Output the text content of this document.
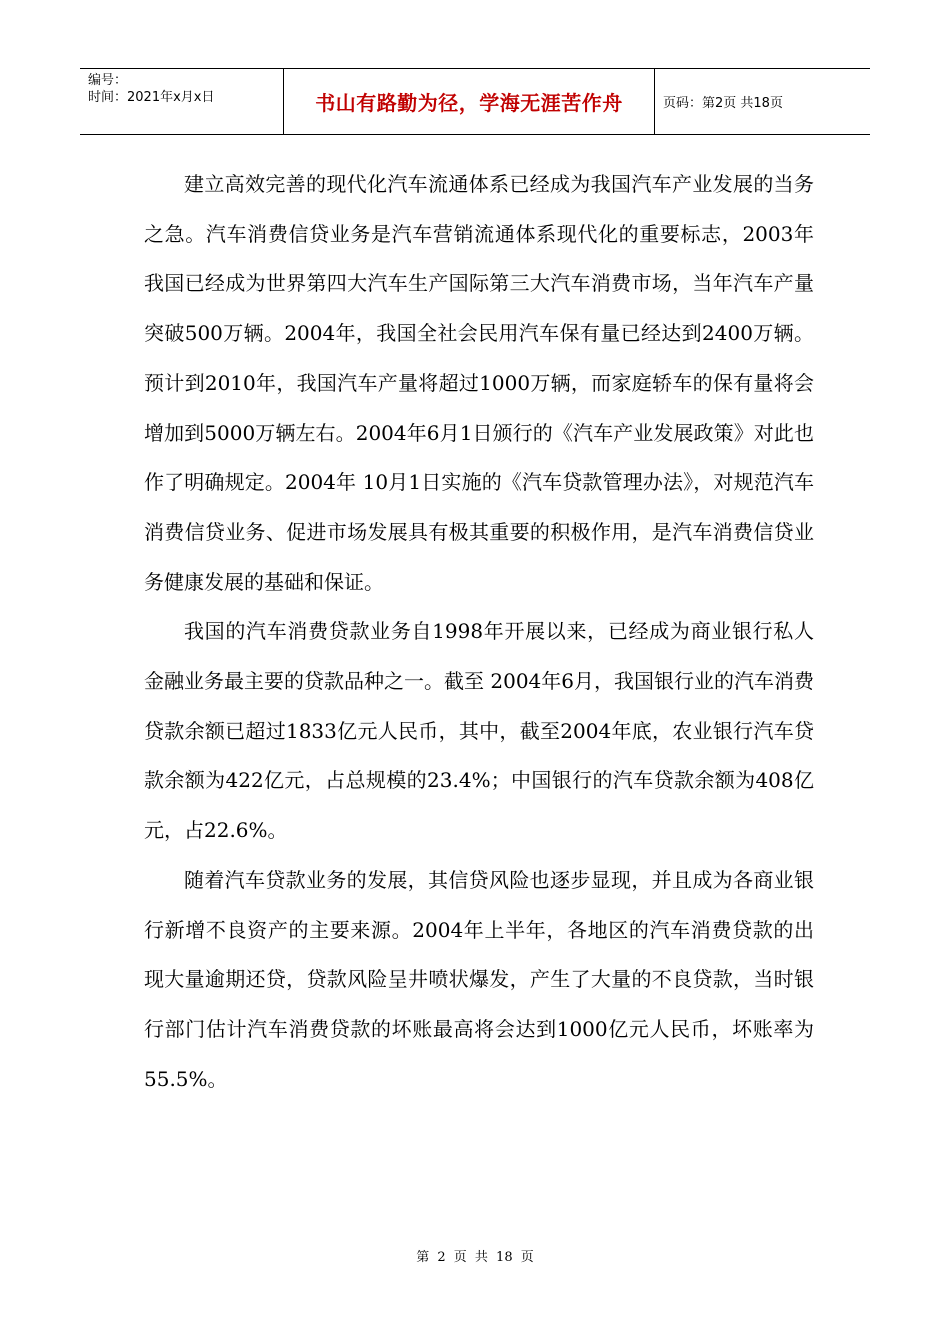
编号：
时间：2021年x月x日	书山有路勤为径，学海无涯苦作舟	页码：第2页 共18页

建立高效完善的现代化汽车流通体系已经成为我国汽车产业发展的当务之急。汽车消费信贷业务是汽车营销流通体系现代化的重要标志，2003年我国已经成为世界第四大汽车生产国际第三大汽车消费市场，当年汽车产量突破500万辆。2004年，我国全社会民用汽车保有量已经达到2400万辆。预计到2010年，我国汽车产量将超过1000万辆，而家庭轿车的保有量将会增加到5000万辆左右。2004年6月1日颁行的《汽车产业发展政策》对此也作了明确规定。2004年 10月1日实施的《汽车贷款管理办法》，对规范汽车消费信贷业务、促进市场发展具有极其重要的积极作用，是汽车消费信贷业务健康发展的基础和保证。

我国的汽车消费贷款业务自1998年开展以来，已经成为商业银行私人金融业务最主要的贷款品种之一。截至 2004年6月，我国银行业的汽车消费贷款余额已超过1833亿元人民币，其中，截至2004年底，农业银行汽车贷款余额为422亿元，占总规模的23.4%；中国银行的汽车贷款余额为408亿元，占22.6%。

随着汽车贷款业务的发展，其信贷风险也逐步显现，并且成为各商业银行新增不良资产的主要来源。2004年上半年，各地区的汽车消费贷款的出现大量逾期还贷，贷款风险呈井喷状爆发，产生了大量的不良贷款，当时银行部门估计汽车消费贷款的坏账最高将会达到1000亿元人民币，坏账率为55.5%。

第 2 页 共 18 页
